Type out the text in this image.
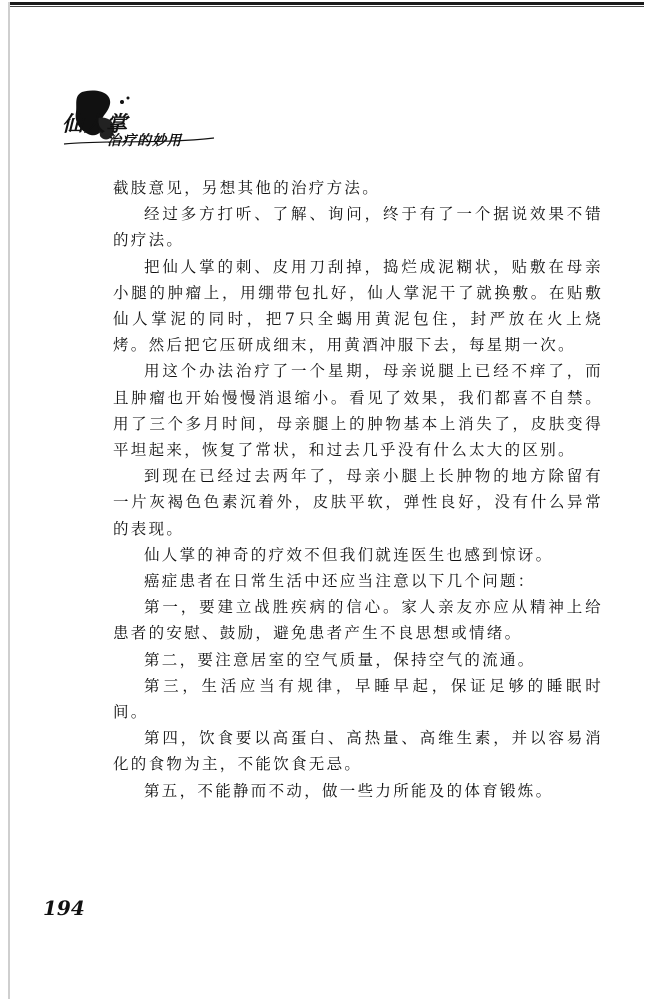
仙人掌
治疗的妙用

截肢意见，另想其他的治疗方法。

经过多方打听、了解、询问，终于有了一个据说效果不错的疗法。

把仙人掌的刺、皮用刀刮掉，捣烂成泥糊状，贴敷在母亲小腿的肿瘤上，用绷带包扎好，仙人掌泥干了就换敷。在贴敷仙人掌泥的同时，把7只全蝎用黄泥包住，封严放在火上烧烤。然后把它压研成细末，用黄酒冲服下去，每星期一次。

用这个办法治疗了一个星期，母亲说腿上已经不痒了，而且肿瘤也开始慢慢消退缩小。看见了效果，我们都喜不自禁。用了三个多月时间，母亲腿上的肿物基本上消失了，皮肤变得平坦起来，恢复了常状，和过去几乎没有什么太大的区别。

到现在已经过去两年了，母亲小腿上长肿物的地方除留有一片灰褐色色素沉着外，皮肤平软，弹性良好，没有什么异常的表现。

仙人掌的神奇的疗效不但我们就连医生也感到惊讶。

癌症患者在日常生活中还应当注意以下几个问题：

第一，要建立战胜疾病的信心。家人亲友亦应从精神上给患者的安慰、鼓励，避免患者产生不良思想或情绪。

第二，要注意居室的空气质量，保持空气的流通。

第三，生活应当有规律，早睡早起，保证足够的睡眠时间。

第四，饮食要以高蛋白、高热量、高维生素，并以容易消化的食物为主，不能饮食无忌。

第五，不能静而不动，做一些力所能及的体育锻炼。

194
